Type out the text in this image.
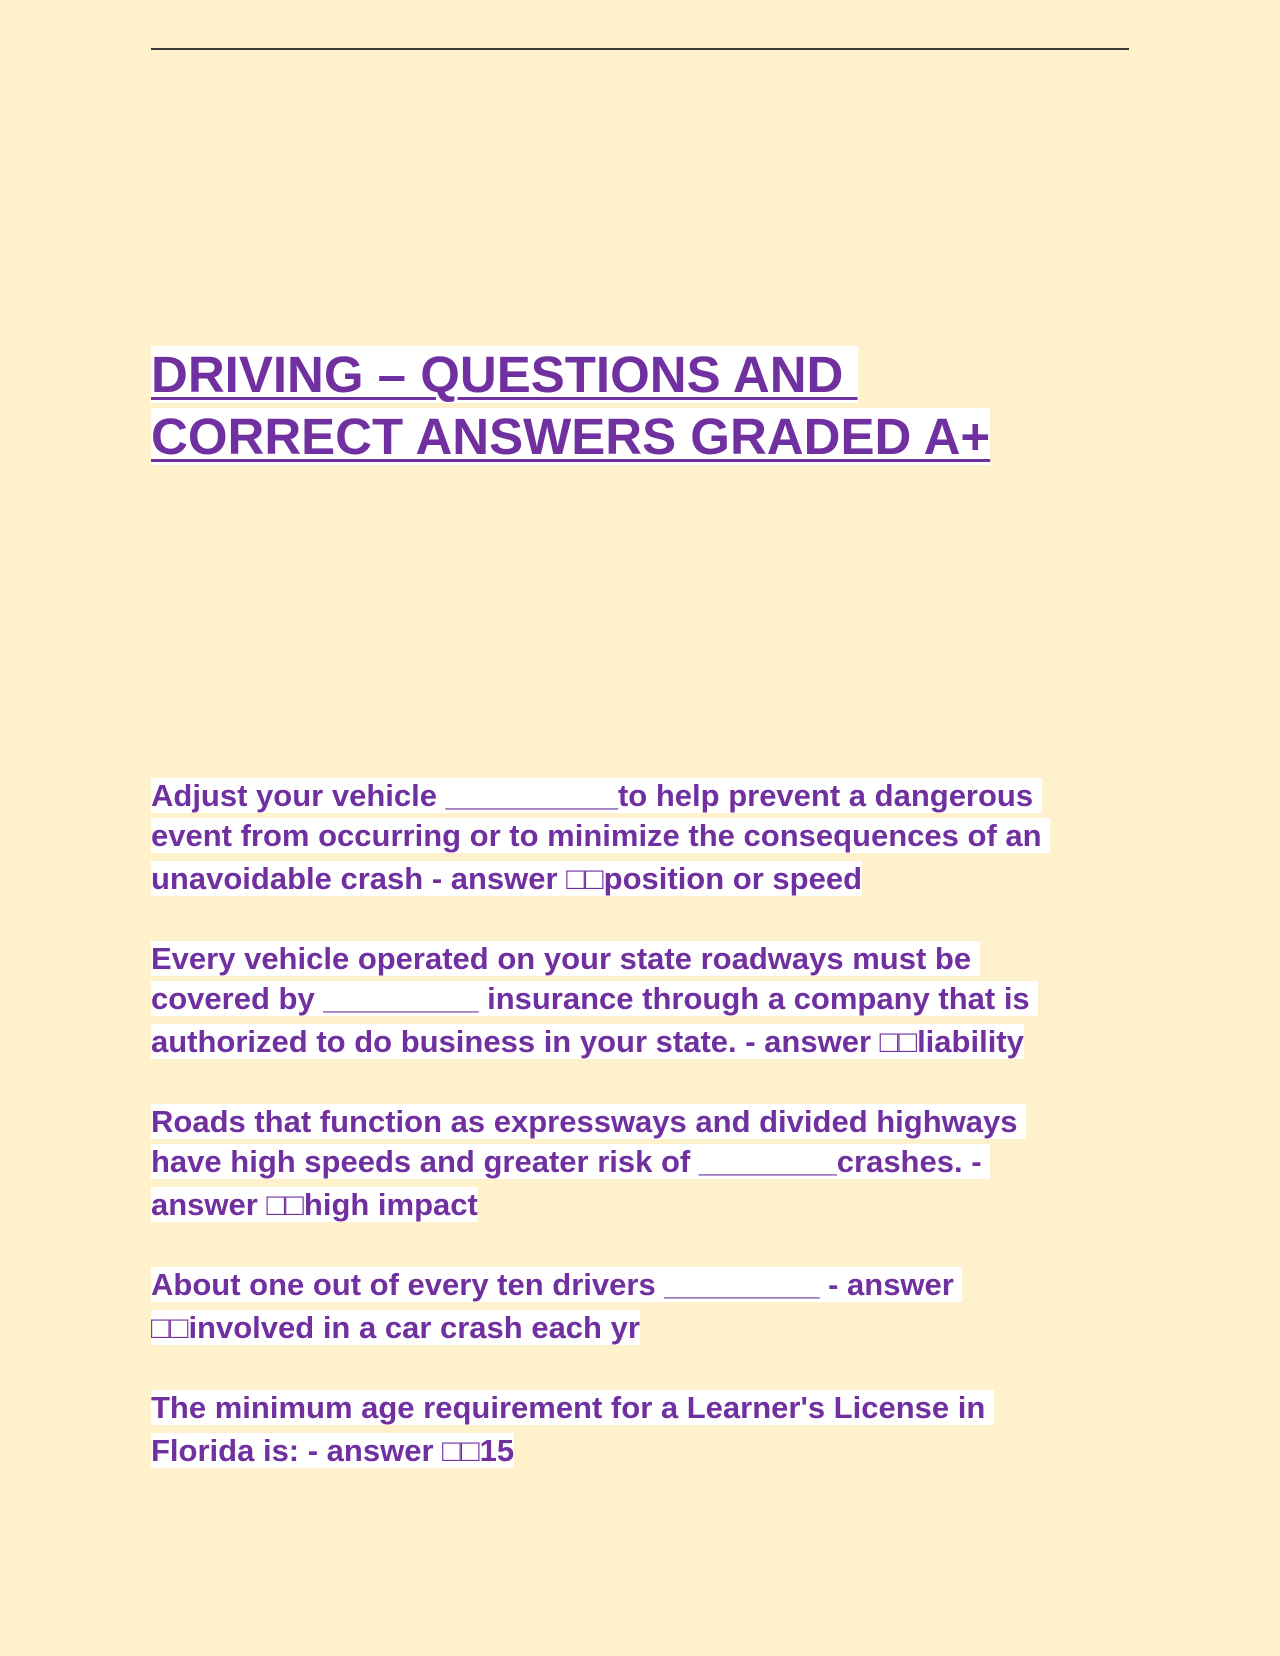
DRIVING – QUESTIONS AND
CORRECT ANSWERS GRADED A+
Adjust your vehicle __________to help prevent a dangerous
event from occurring or to minimize the consequences of an
unavoidable crash - answer □□position or speed
Every vehicle operated on your state roadways must be
covered by _________ insurance through a company that is
authorized to do business in your state. - answer □□liability
Roads that function as expressways and divided highways
have high speeds and greater risk of ________crashes. -
answer □□high impact
About one out of every ten drivers _________ - answer
□□involved in a car crash each yr
The minimum age requirement for a Learner's License in
Florida is: - answer □□15
